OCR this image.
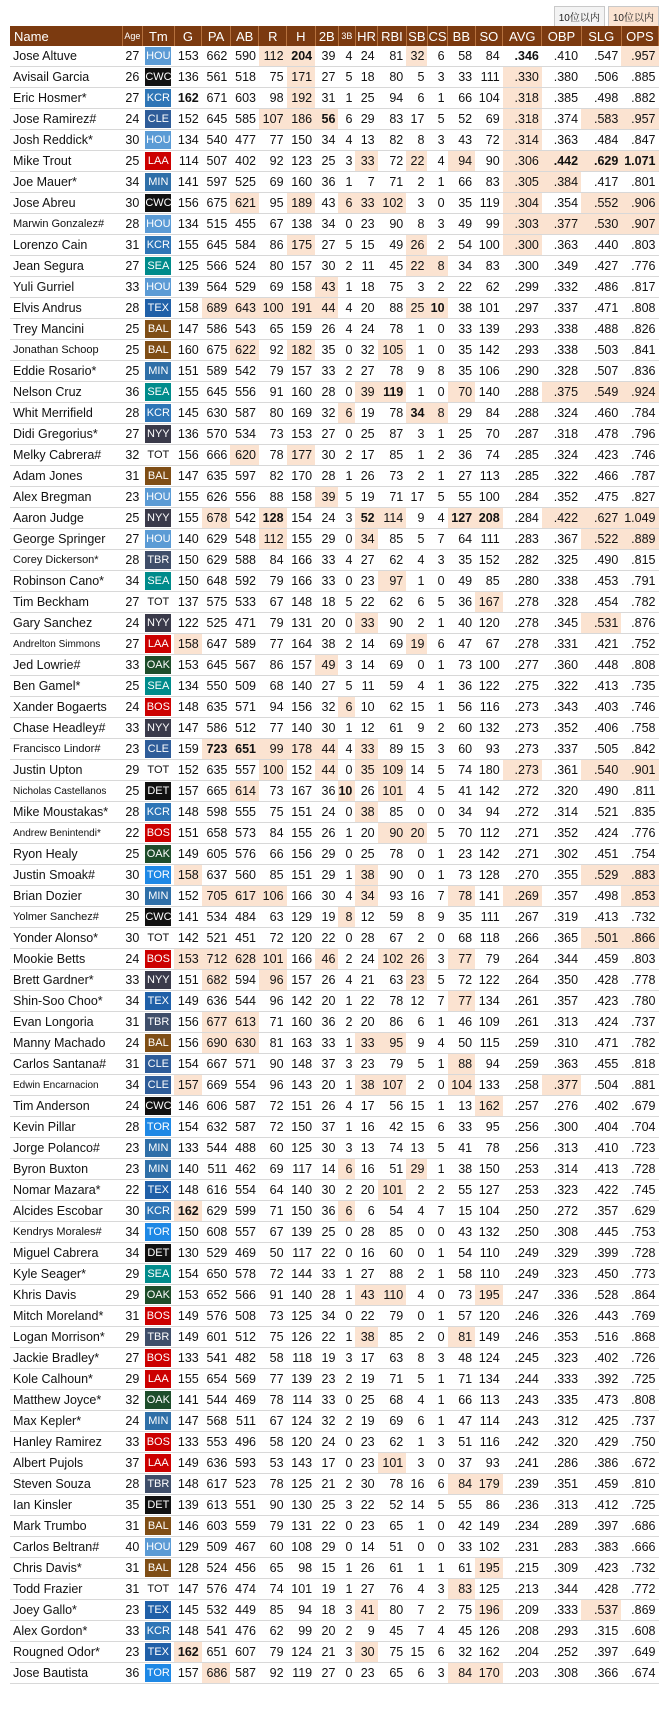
10位以内	10位以内
Name	Age	Tm	G	PA	AB	R	H	2B	3B	HR	RBI	SB	CS	BB	SO	AVG	OBP	SLG	OPS
Jose Altuve	27	HOU	153	662	590	112	204	39	4	24	81	32	6	58	84	.346	.410	.547	.957
Avisail Garcia	26	CWC	136	561	518	75	171	27	5	18	80	5	3	33	111	.330	.380	.506	.885
Eric Hosmer*	27	KCR	162	671	603	98	192	31	1	25	94	6	1	66	104	.318	.385	.498	.882
Jose Ramirez#	24	CLE	152	645	585	107	186	56	6	29	83	17	5	52	69	.318	.374	.583	.957
Josh Reddick*	30	HOU	134	540	477	77	150	34	4	13	82	8	3	43	72	.314	.363	.484	.847
Mike Trout	25	LAA	114	507	402	92	123	25	3	33	72	22	4	94	90	.306	.442	.629	1.071
Joe Mauer*	34	MIN	141	597	525	69	160	36	1	7	71	2	1	66	83	.305	.384	.417	.801
Jose Abreu	30	CWC	156	675	621	95	189	43	6	33	102	3	0	35	119	.304	.354	.552	.906
Marwin Gonzalez#	28	HOU	134	515	455	67	138	34	0	23	90	8	3	49	99	.303	.377	.530	.907
Lorenzo Cain	31	KCR	155	645	584	86	175	27	5	15	49	26	2	54	100	.300	.363	.440	.803
Jean Segura	27	SEA	125	566	524	80	157	30	2	11	45	22	8	34	83	.300	.349	.427	.776
Yuli Gurriel	33	HOU	139	564	529	69	158	43	1	18	75	3	2	22	62	.299	.332	.486	.817
Elvis Andrus	28	TEX	158	689	643	100	191	44	4	20	88	25	10	38	101	.297	.337	.471	.808
Trey Mancini	25	BAL	147	586	543	65	159	26	4	24	78	1	0	33	139	.293	.338	.488	.826
Jonathan Schoop	25	BAL	160	675	622	92	182	35	0	32	105	1	0	35	142	.293	.338	.503	.841
Eddie Rosario*	25	MIN	151	589	542	79	157	33	2	27	78	9	8	35	106	.290	.328	.507	.836
Nelson Cruz	36	SEA	155	645	556	91	160	28	0	39	119	1	0	70	140	.288	.375	.549	.924
Whit Merrifield	28	KCR	145	630	587	80	169	32	6	19	78	34	8	29	84	.288	.324	.460	.784
Didi Gregorius*	27	NYY	136	570	534	73	153	27	0	25	87	3	1	25	70	.287	.318	.478	.796
Melky Cabrera#	32	TOT	156	666	620	78	177	30	2	17	85	1	2	36	74	.285	.324	.423	.746
Adam Jones	31	BAL	147	635	597	82	170	28	1	26	73	2	1	27	113	.285	.322	.466	.787
Alex Bregman	23	HOU	155	626	556	88	158	39	5	19	71	17	5	55	100	.284	.352	.475	.827
Aaron Judge	25	NYY	155	678	542	128	154	24	3	52	114	9	4	127	208	.284	.422	.627	1.049
George Springer	27	HOU	140	629	548	112	155	29	0	34	85	5	7	64	111	.283	.367	.522	.889
Corey Dickerson*	28	TBR	150	629	588	84	166	33	4	27	62	4	3	35	152	.282	.325	.490	.815
Robinson Cano*	34	SEA	150	648	592	79	166	33	0	23	97	1	0	49	85	.280	.338	.453	.791
Tim Beckham	27	TOT	137	575	533	67	148	18	5	22	62	6	5	36	167	.278	.328	.454	.782
Gary Sanchez	24	NYY	122	525	471	79	131	20	0	33	90	2	1	40	120	.278	.345	.531	.876
Andrelton Simmons	27	LAA	158	647	589	77	164	38	2	14	69	19	6	47	67	.278	.331	.421	.752
Jed Lowrie#	33	OAK	153	645	567	86	157	49	3	14	69	0	1	73	100	.277	.360	.448	.808
Ben Gamel*	25	SEA	134	550	509	68	140	27	5	11	59	4	1	36	122	.275	.322	.413	.735
Xander Bogaerts	24	BOS	148	635	571	94	156	32	6	10	62	15	1	56	116	.273	.343	.403	.746
Chase Headley#	33	NYY	147	586	512	77	140	30	1	12	61	9	2	60	132	.273	.352	.406	.758
Francisco Lindor#	23	CLE	159	723	651	99	178	44	4	33	89	15	3	60	93	.273	.337	.505	.842
Justin Upton	29	TOT	152	635	557	100	152	44	0	35	109	14	5	74	180	.273	.361	.540	.901
Nicholas Castellanos	25	DET	157	665	614	73	167	36	10	26	101	4	5	41	142	.272	.320	.490	.811
Mike Moustakas*	28	KCR	148	598	555	75	151	24	0	38	85	0	0	34	94	.272	.314	.521	.835
Andrew Benintendi*	22	BOS	151	658	573	84	155	26	1	20	90	20	5	70	112	.271	.352	.424	.776
Ryon Healy	25	OAK	149	605	576	66	156	29	0	25	78	0	1	23	142	.271	.302	.451	.754
Justin Smoak#	30	TOR	158	637	560	85	151	29	1	38	90	0	1	73	128	.270	.355	.529	.883
Brian Dozier	30	MIN	152	705	617	106	166	30	4	34	93	16	7	78	141	.269	.357	.498	.853
Yolmer Sanchez#	25	CWC	141	534	484	63	129	19	8	12	59	8	9	35	111	.267	.319	.413	.732
Yonder Alonso*	30	TOT	142	521	451	72	120	22	0	28	67	2	0	68	118	.266	.365	.501	.866
Mookie Betts	24	BOS	153	712	628	101	166	46	2	24	102	26	3	77	79	.264	.344	.459	.803
Brett Gardner*	33	NYY	151	682	594	96	157	26	4	21	63	23	5	72	122	.264	.350	.428	.778
Shin-Soo Choo*	34	TEX	149	636	544	96	142	20	1	22	78	12	7	77	134	.261	.357	.423	.780
Evan Longoria	31	TBR	156	677	613	71	160	36	2	20	86	6	1	46	109	.261	.313	.424	.737
Manny Machado	24	BAL	156	690	630	81	163	33	1	33	95	9	4	50	115	.259	.310	.471	.782
Carlos Santana#	31	CLE	154	667	571	90	148	37	3	23	79	5	1	88	94	.259	.363	.455	.818
Edwin Encarnacion	34	CLE	157	669	554	96	143	20	1	38	107	2	0	104	133	.258	.377	.504	.881
Tim Anderson	24	CWC	146	606	587	72	151	26	4	17	56	15	1	13	162	.257	.276	.402	.679
Kevin Pillar	28	TOR	154	632	587	72	150	37	1	16	42	15	6	33	95	.256	.300	.404	.704
Jorge Polanco#	23	MIN	133	544	488	60	125	30	3	13	74	13	5	41	78	.256	.313	.410	.723
Byron Buxton	23	MIN	140	511	462	69	117	14	6	16	51	29	1	38	150	.253	.314	.413	.728
Nomar Mazara*	22	TEX	148	616	554	64	140	30	2	20	101	2	2	55	127	.253	.323	.422	.745
Alcides Escobar	30	KCR	162	629	599	71	150	36	6	6	54	4	7	15	104	.250	.272	.357	.629
Kendrys Morales#	34	TOR	150	608	557	67	139	25	0	28	85	0	0	43	132	.250	.308	.445	.753
Miguel Cabrera	34	DET	130	529	469	50	117	22	0	16	60	0	1	54	110	.249	.329	.399	.728
Kyle Seager*	29	SEA	154	650	578	72	144	33	1	27	88	2	1	58	110	.249	.323	.450	.773
Khris Davis	29	OAK	153	652	566	91	140	28	1	43	110	4	0	73	195	.247	.336	.528	.864
Mitch Moreland*	31	BOS	149	576	508	73	125	34	0	22	79	0	1	57	120	.246	.326	.443	.769
Logan Morrison*	29	TBR	149	601	512	75	126	22	1	38	85	2	0	81	149	.246	.353	.516	.868
Jackie Bradley*	27	BOS	133	541	482	58	118	19	3	17	63	8	3	48	124	.245	.323	.402	.726
Kole Calhoun*	29	LAA	155	654	569	77	139	23	2	19	71	5	1	71	134	.244	.333	.392	.725
Matthew Joyce*	32	OAK	141	544	469	78	114	33	0	25	68	4	1	66	113	.243	.335	.473	.808
Max Kepler*	24	MIN	147	568	511	67	124	32	2	19	69	6	1	47	114	.243	.312	.425	.737
Hanley Ramirez	33	BOS	133	553	496	58	120	24	0	23	62	1	3	51	116	.242	.320	.429	.750
Albert Pujols	37	LAA	149	636	593	53	143	17	0	23	101	3	0	37	93	.241	.286	.386	.672
Steven Souza	28	TBR	148	617	523	78	125	21	2	30	78	16	6	84	179	.239	.351	.459	.810
Ian Kinsler	35	DET	139	613	551	90	130	25	3	22	52	14	5	55	86	.236	.313	.412	.725
Mark Trumbo	31	BAL	146	603	559	79	131	22	0	23	65	1	0	42	149	.234	.289	.397	.686
Carlos Beltran#	40	HOU	129	509	467	60	108	29	0	14	51	0	0	33	102	.231	.283	.383	.666
Chris Davis*	31	BAL	128	524	456	65	98	15	1	26	61	1	1	61	195	.215	.309	.423	.732
Todd Frazier	31	TOT	147	576	474	74	101	19	1	27	76	4	3	83	125	.213	.344	.428	.772
Joey Gallo*	23	TEX	145	532	449	85	94	18	3	41	80	7	2	75	196	.209	.333	.537	.869
Alex Gordon*	33	KCR	148	541	476	62	99	20	2	9	45	7	4	45	126	.208	.293	.315	.608
Rougned Odor*	23	TEX	162	651	607	79	124	21	3	30	75	15	6	32	162	.204	.252	.397	.649
Jose Bautista	36	TOR	157	686	587	92	119	27	0	23	65	6	3	84	170	.203	.308	.366	.674
